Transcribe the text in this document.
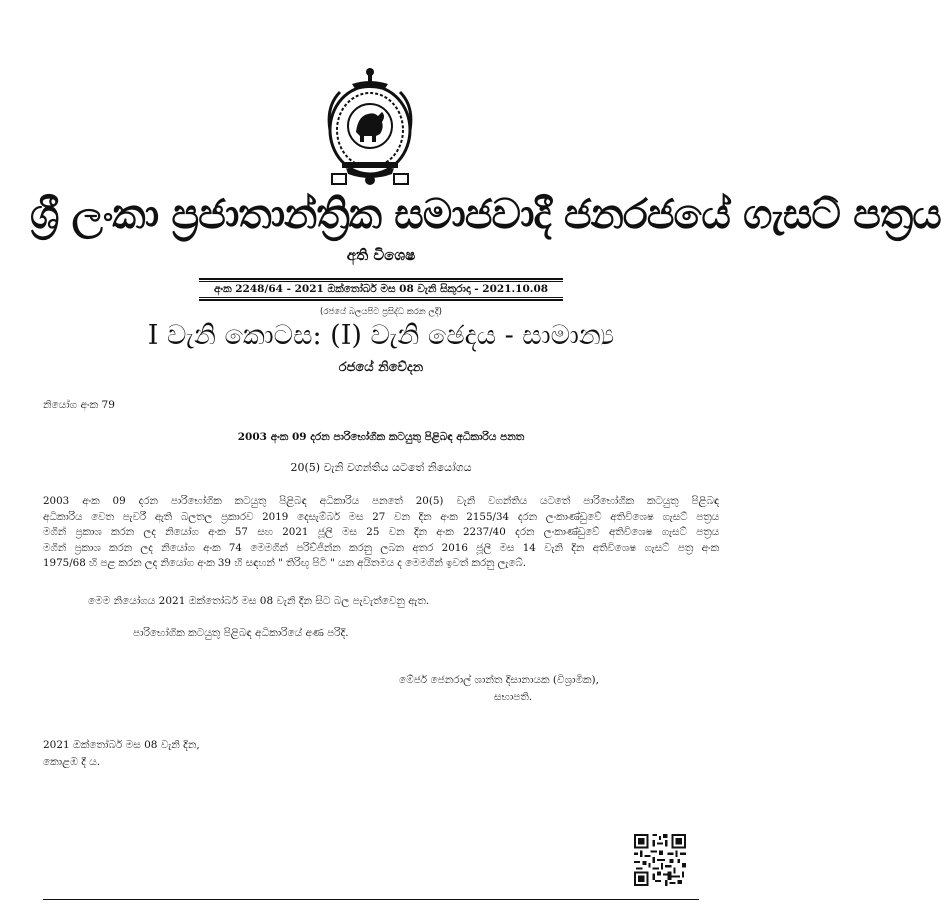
ශ්‍රී ලංකා ප්‍රජාතාන්ත්‍රික සමාජවාදී ජනරජයේ ගැසට් පත්‍රය
අති විශෙෂ
අංක 2248/64 - 2021 ඔක්තෝබර් මස 08 වැනි සිකුරාදා - 2021.10.08
(රජයේ බලයපිට ප්‍රසිද්ධ කරන ලදී)
I වැනි කොටස: (I) වැනි ඡෙදය - සාමාන්‍ය
රජයේ නිවේදන
නියෝග අංක 79
2003 අංක 09 දරන පාරිභෝගික කටයුතු පිළිබඳ අධිකාරිය පනත
20(5) වැනි වගන්තිය යටතේ නියෝගය
2003 අංක 09 දරන පාරිභෝගික කටයුතු පිළිබඳ අධිකාරිය පනතේ 20(5) වැනි වගන්තිය යටතේ පාරිභෝගික කටයුතු පිළිබඳ
අධිකාරිය වෙත පැවරී ඇති බලතල ප්‍රකාරව 2019 දෙසැම්බර් මස 27 වන දින අංක 2155/34 දරන ලංකාණ්ඩුවේ අතිවිශෙෂ ගැසට් පත්‍රය
මගින් ප්‍රකාශ කරන ලද නියෝග අංක 57 සහ 2021 ජූලි මස 25 වන දින අංක 2237/40 දරන ලංකාණ්ඩුවේ අතිවිශෙෂ ගැසට් පත්‍රය
මගින් ප්‍රකාශ කරන ලද නියෝග අංක 74 මෙමගින් පරිච්ජින්න කරනු ලබන අතර 2016 ජූලි මස 14 වැනි දින අතිවිශෙෂ ගැසට් පත්‍ර අංක
1975/68 හි පළ කරන ලද නියෝග අංක 39 හි සඳහන් " තිරිඟු පිටි " යන අයිතමය ද මෙමගින් ඉවත් කරනු ලැබේ.
මෙම නියෝගය 2021 ඔක්තෝබර් මස 08 වැනි දින සිට බල පැවැත්වෙනු ඇත.
පාරිභෝගික කටයුතු පිළිබඳ අධිකාරියේ අණ පරිදි.
මේජර් ජෙනරාල් ශාන්ත දිසානායක (විශ්‍රාමික),
සභාපති.
2021 ඔක්තෝබර් මස 08 වැනි දින,
කොළඹ දී ය.
